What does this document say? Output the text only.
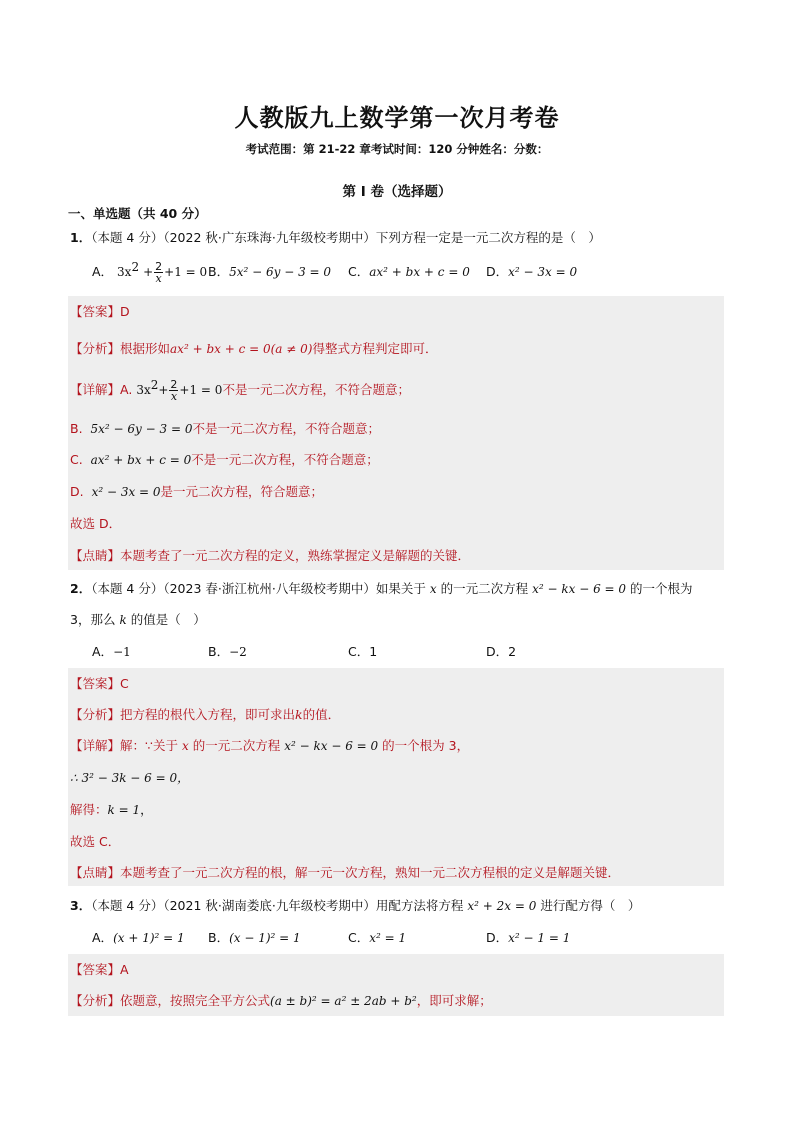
人教版九上数学第一次月考卷
考试范围：第 21-22 章考试时间：120 分钟姓名：分数：
第 I 卷（选择题）
一、单选题（共 40 分）
1．（本题 4 分）（2022 秋·广东珠海·九年级校考期中）下列方程一定是一元二次方程的是（　）
A． $3x^2 + \frac{2}{x} +1 = 0$ B．5x² − 6y − 3 = 0 C．ax² + bx + c = 0 D．x² − 3x = 0
【答案】D
【分析】根据形如ax² + bx + c = 0(a ≠ 0)得整式方程判定即可．
【详解】A. $3x^2+ \frac{2}{x} +1 = 0$不是一元二次方程，不符合题意；
B. 5x² − 6y − 3 = 0不是一元二次方程，不符合题意；
C. ax² + bx + c = 0不是一元二次方程，不符合题意；
D. x² − 3x = 0是一元二次方程，符合题意；
故选 D．
【点睛】本题考查了一元二次方程的定义，熟练掌握定义是解题的关键．
2．（本题 4 分）（2023 春·浙江杭州·八年级校考期中）如果关于 x 的一元二次方程 x² − kx − 6 = 0 的一个根为
3，那么 k 的值是（　）
A．−1	B．−2	C．1	D．2
【答案】C
【分析】把方程的根代入方程，即可求出k的值．
【详解】解：∵关于 x 的一元二次方程 x² − kx − 6 = 0 的一个根为 3，
∴ 3² − 3k − 6 = 0，
解得：k = 1，
故选 C．
【点睛】本题考查了一元二次方程的根，解一元一次方程，熟知一元二次方程根的定义是解题关键．
3．（本题 4 分）（2021 秋·湖南娄底·九年级校考期中）用配方法将方程 x² + 2x = 0 进行配方得（　）
A．(x + 1)² = 1 B．(x − 1)² = 1	C．x² = 1	D．x² − 1 = 1
【答案】A
【分析】依题意，按照完全平方公式(a ± b)² = a² ± 2ab + b²，即可求解；
